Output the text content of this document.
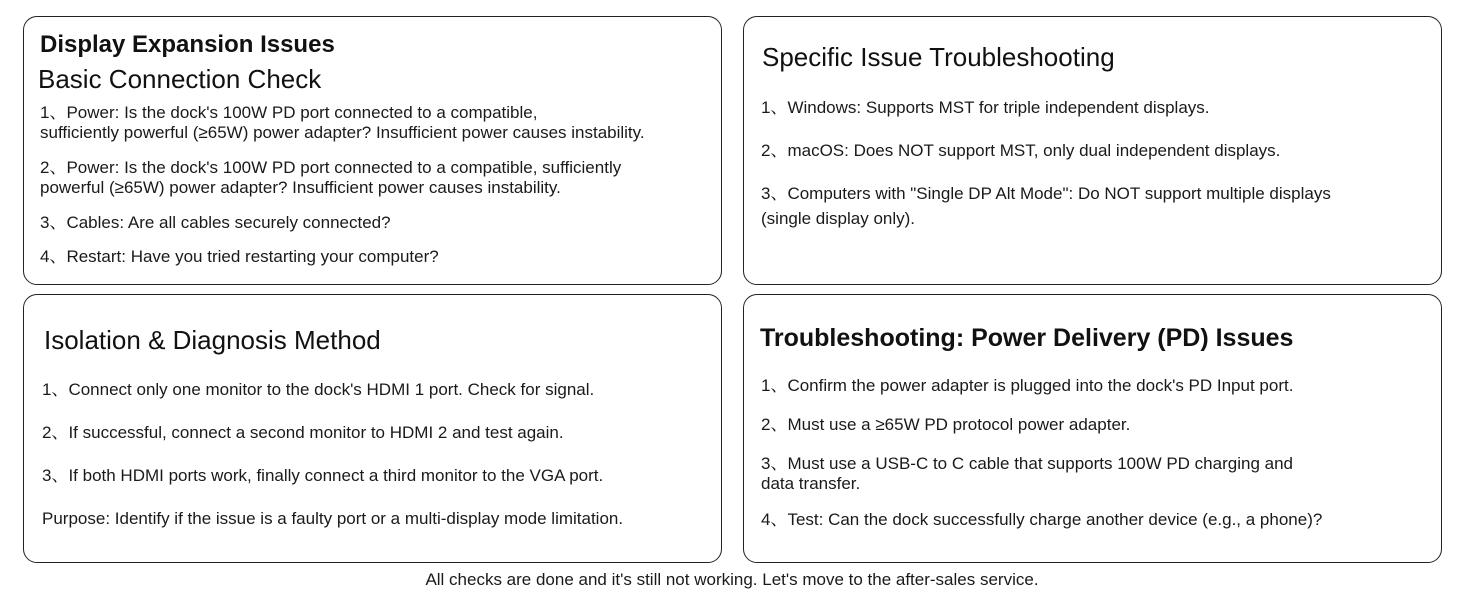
Display Expansion Issues
Basic Connection Check
1、Power: Is the dock's 100W PD port connected to a compatible,
sufficiently powerful (≥65W) power adapter? Insufficient power causes instability.
2、Power: Is the dock's 100W PD port connected to a compatible, sufficiently
powerful (≥65W) power adapter? Insufficient power causes instability.
3、Cables: Are all cables securely connected?
4、Restart: Have you tried restarting your computer?
Specific Issue Troubleshooting
1、Windows: Supports MST for triple independent displays.
2、macOS: Does NOT support MST, only dual independent displays.
3、Computers with "Single DP Alt Mode": Do NOT support multiple displays
(single display only).
Isolation & Diagnosis Method
1、Connect only one monitor to the dock's HDMI 1 port. Check for signal.
2、If successful, connect a second monitor to HDMI 2 and test again.
3、If both HDMI ports work, finally connect a third monitor to the VGA port.
Purpose: Identify if the issue is a faulty port or a multi-display mode limitation.
Troubleshooting: Power Delivery (PD) Issues
1、Confirm the power adapter is plugged into the dock's PD Input port.
2、Must use a ≥65W PD protocol power adapter.
3、Must use a USB-C to C cable that supports 100W PD charging and
data transfer.
4、Test: Can the dock successfully charge another device (e.g., a phone)?
All checks are done and it's still not working. Let's move to the after-sales service.
